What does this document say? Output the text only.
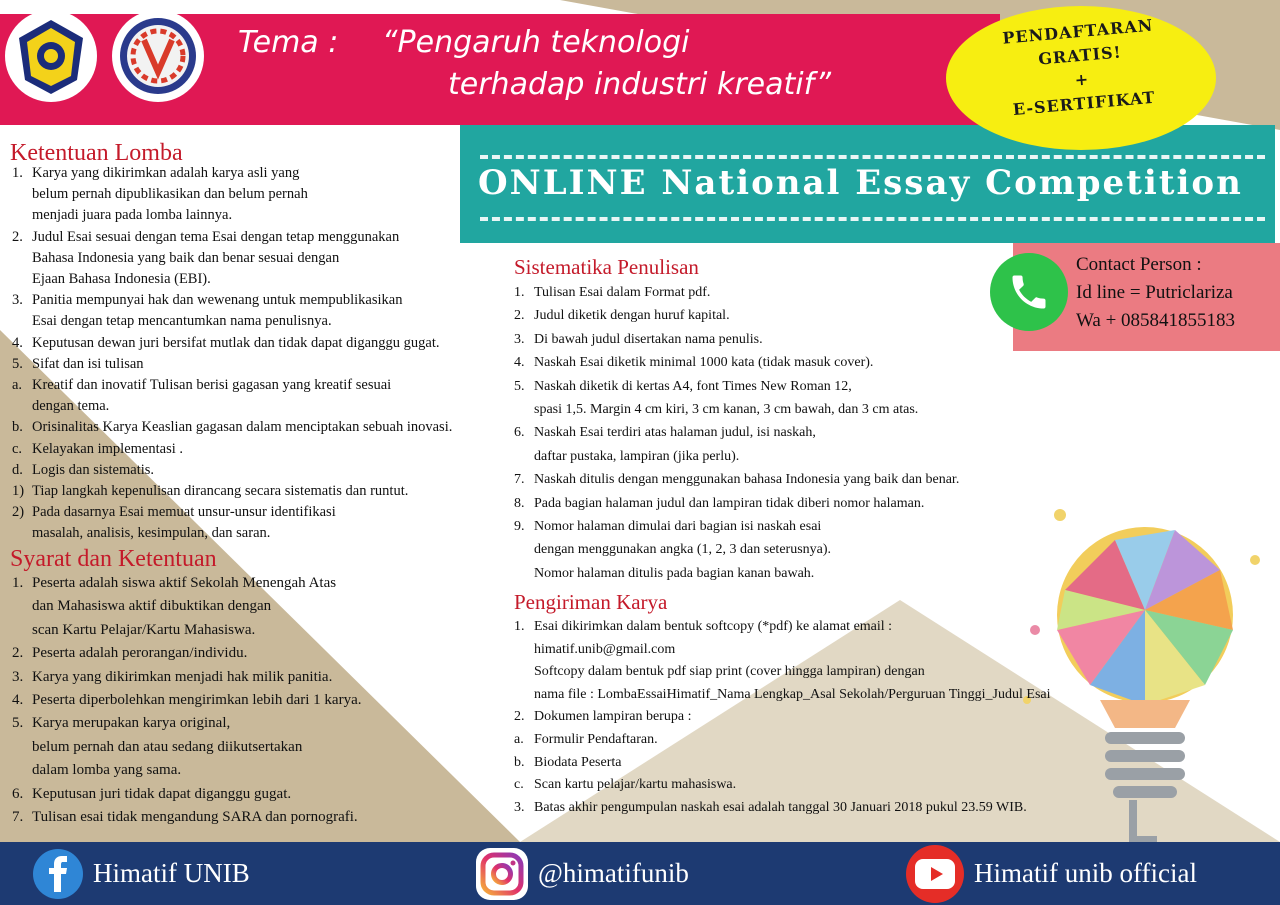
Tema : “Pengaruh teknologi
terhadap industri kreatif”
PENDAFTARAN
GRATIS!
+
E-SERTIFIKAT
ONLINE National Essay Competition
Contact Person :
Id line = Putriclariza
Wa + 085841855183
Ketentuan Lomba
1. Karya yang dikirimkan adalah karya asli yang
belum pernah dipublikasikan dan belum pernah
menjadi juara pada lomba lainnya.
2. Judul Esai sesuai dengan tema Esai dengan tetap menggunakan
Bahasa Indonesia yang baik dan benar sesuai dengan
Ejaan Bahasa Indonesia (EBI).
3. Panitia mempunyai hak dan wewenang untuk mempublikasikan
Esai dengan tetap mencantumkan nama penulisnya.
4. Keputusan dewan juri bersifat mutlak dan tidak dapat diganggu gugat.
5. Sifat dan isi tulisan
a. Kreatif dan inovatif Tulisan berisi gagasan yang kreatif sesuai
dengan tema.
b. Orisinalitas Karya Keaslian gagasan dalam menciptakan sebuah inovasi.
c. Kelayakan implementasi .
d. Logis dan sistematis.
1) Tiap langkah kepenulisan dirancang secara sistematis dan runtut.
2) Pada dasarnya Esai memuat unsur-unsur identifikasi
masalah, analisis, kesimpulan, dan saran.
Syarat dan Ketentuan
1. Peserta adalah siswa aktif Sekolah Menengah Atas
dan Mahasiswa aktif dibuktikan dengan
scan Kartu Pelajar/Kartu Mahasiswa.
2. Peserta adalah perorangan/individu.
3. Karya yang dikirimkan menjadi hak milik panitia.
4. Peserta diperbolehkan mengirimkan lebih dari 1 karya.
5. Karya merupakan karya original,
belum pernah dan atau sedang diikutsertakan
dalam lomba yang sama.
6. Keputusan juri tidak dapat diganggu gugat.
7. Tulisan esai tidak mengandung SARA dan pornografi.
Sistematika Penulisan
1. Tulisan Esai dalam Format pdf.
2. Judul diketik dengan huruf kapital.
3. Di bawah judul disertakan nama penulis.
4. Naskah Esai diketik minimal 1000 kata (tidak masuk cover).
5. Naskah diketik di kertas A4, font Times New Roman 12,
spasi 1,5. Margin 4 cm kiri, 3 cm kanan, 3 cm bawah, dan 3 cm atas.
6. Naskah Esai terdiri atas halaman judul, isi naskah,
daftar pustaka, lampiran (jika perlu).
7. Naskah ditulis dengan menggunakan bahasa Indonesia yang baik dan benar.
8. Pada bagian halaman judul dan lampiran tidak diberi nomor halaman.
9. Nomor halaman dimulai dari bagian isi naskah esai
dengan menggunakan angka (1, 2, 3 dan seterusnya).
Nomor halaman ditulis pada bagian kanan bawah.
Pengiriman Karya
1. Esai dikirimkan dalam bentuk softcopy (*pdf) ke alamat email :
himatif.unib@gmail.com
Softcopy dalam bentuk pdf siap print (cover hingga lampiran) dengan
nama file : LombaEssaiHimatif_Nama Lengkap_Asal Sekolah/Perguruan Tinggi_Judul Esai
2. Dokumen lampiran berupa :
a. Formulir Pendaftaran.
b. Biodata Peserta
c. Scan kartu pelajar/kartu mahasiswa.
3. Batas akhir pengumpulan naskah esai adalah tanggal 30 Januari 2018 pukul 23.59 WIB.
Himatif UNIB	@himatifunib	Himatif unib official
